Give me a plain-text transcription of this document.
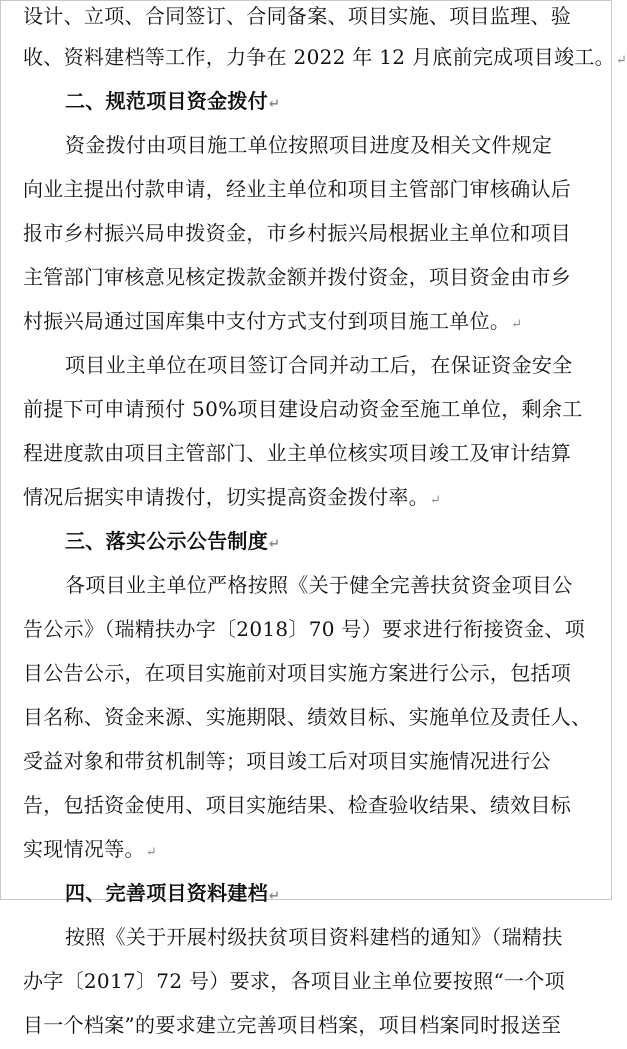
设计、立项、合同签订、合同备案、项目实施、项目监理、验
收、资料建档等工作，力争在 2022 年 12 月底前完成项目竣工。↵
二、规范项目资金拨付↵
资金拨付由项目施工单位按照项目进度及相关文件规定
向业主提出付款申请，经业主单位和项目主管部门审核确认后
报市乡村振兴局申拨资金，市乡村振兴局根据业主单位和项目
主管部门审核意见核定拨款金额并拨付资金，项目资金由市乡
村振兴局通过国库集中支付方式支付到项目施工单位。↵
项目业主单位在项目签订合同并动工后，在保证资金安全
前提下可申请预付 50%项目建设启动资金至施工单位，剩余工
程进度款由项目主管部门、业主单位核实项目竣工及审计结算
情况后据实申请拨付，切实提高资金拨付率。↵
三、落实公示公告制度↵
各项目业主单位严格按照《关于健全完善扶贫资金项目公
告公示》（瑞精扶办字〔2018〕70 号）要求进行衔接资金、项
目公告公示，在项目实施前对项目实施方案进行公示，包括项
目名称、资金来源、实施期限、绩效目标、实施单位及责任人、
受益对象和带贫机制等；项目竣工后对项目实施情况进行公
告，包括资金使用、项目实施结果、检查验收结果、绩效目标
实现情况等。↵
四、完善项目资料建档↵
按照《关于开展村级扶贫项目资料建档的通知》（瑞精扶
办字〔2017〕72 号）要求，各项目业主单位要按照“一个项
目一个档案”的要求建立完善项目档案，项目档案同时报送至
